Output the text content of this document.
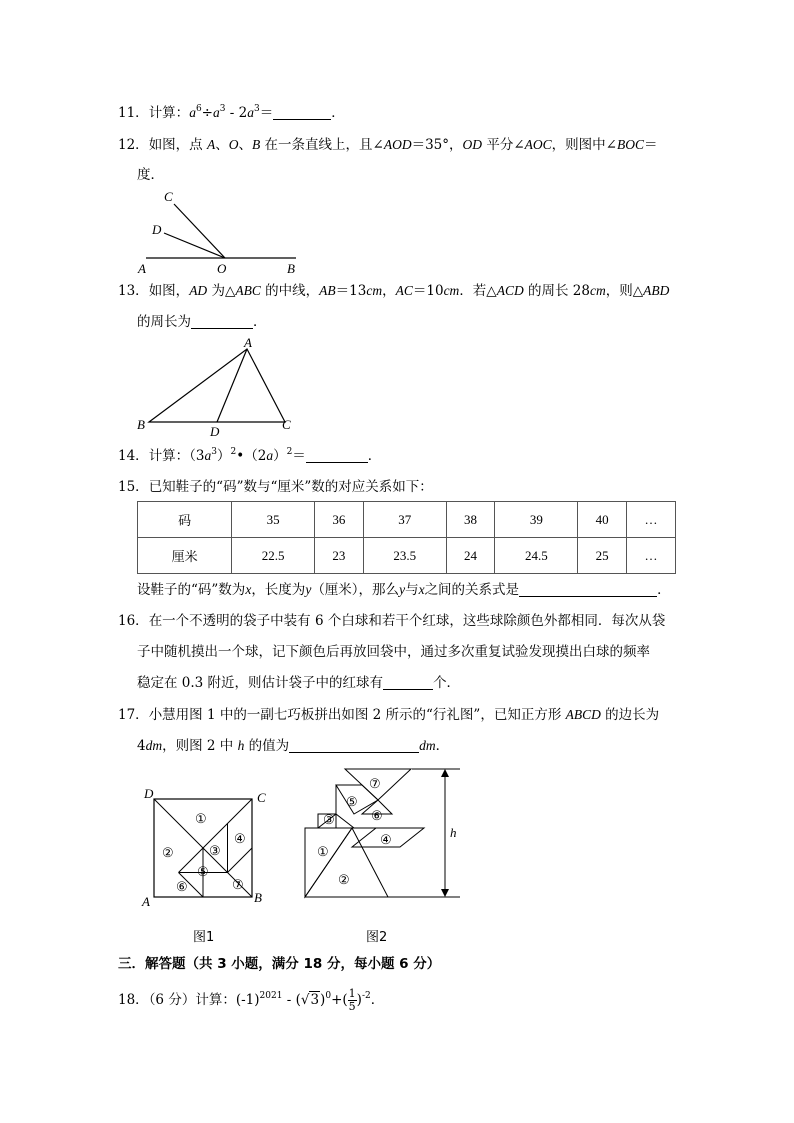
11．计算：$a^6\div a^3 - 2a^3=$	．
12．如图，点 A、O、B 在一条直线上，且∠AOD＝35°，OD 平分∠AOC，则图中∠BOC＝
度．
C
D
A	O	B
13．如图，AD 为△ABC 的中线，AB＝13cm，AC＝10cm．若△ACD 的周长 28cm，则△ABD
的周长为	．
A
B	C
D
14．计算：$(3a^3)^2•(2a)^2=$	．
15．已知鞋子的“码”数与“厘米”数的对应关系如下：
码	35	36	37	38	39	40	…
厘米	22.5	23	23.5	24	24.5	25	…
设鞋子的“码”数为x，长度为y（厘米），那么y与x之间的关系式是	．
16．在一个不透明的袋子中装有 6 个白球和若干个红球，这些球除颜色外都相同．每次从袋
子中随机摸出一个球，记下颜色后再放回袋中，通过多次重复试验发现摸出白球的频率
稳定在 0.3 附近，则估计袋子中的红球有	个．
17．小慧用图 1 中的一副七巧板拼出如图 2 所示的“行礼图”，已知正方形 ABCD 的边长为
4dm，则图 2 中 h 的值为	dm．
①
②	③
④
⑤
⑥	⑦
D	C
A	B
图1
⑦
⑤
⑥
③
④
①
②
h
图2
三．解答题（共 3 小题，满分 18 分，每小题 6 分）
18．（6 分）计算：$(-1)^{2021} - (√3)^0+( \frac{1}{5})^{-2}$．
